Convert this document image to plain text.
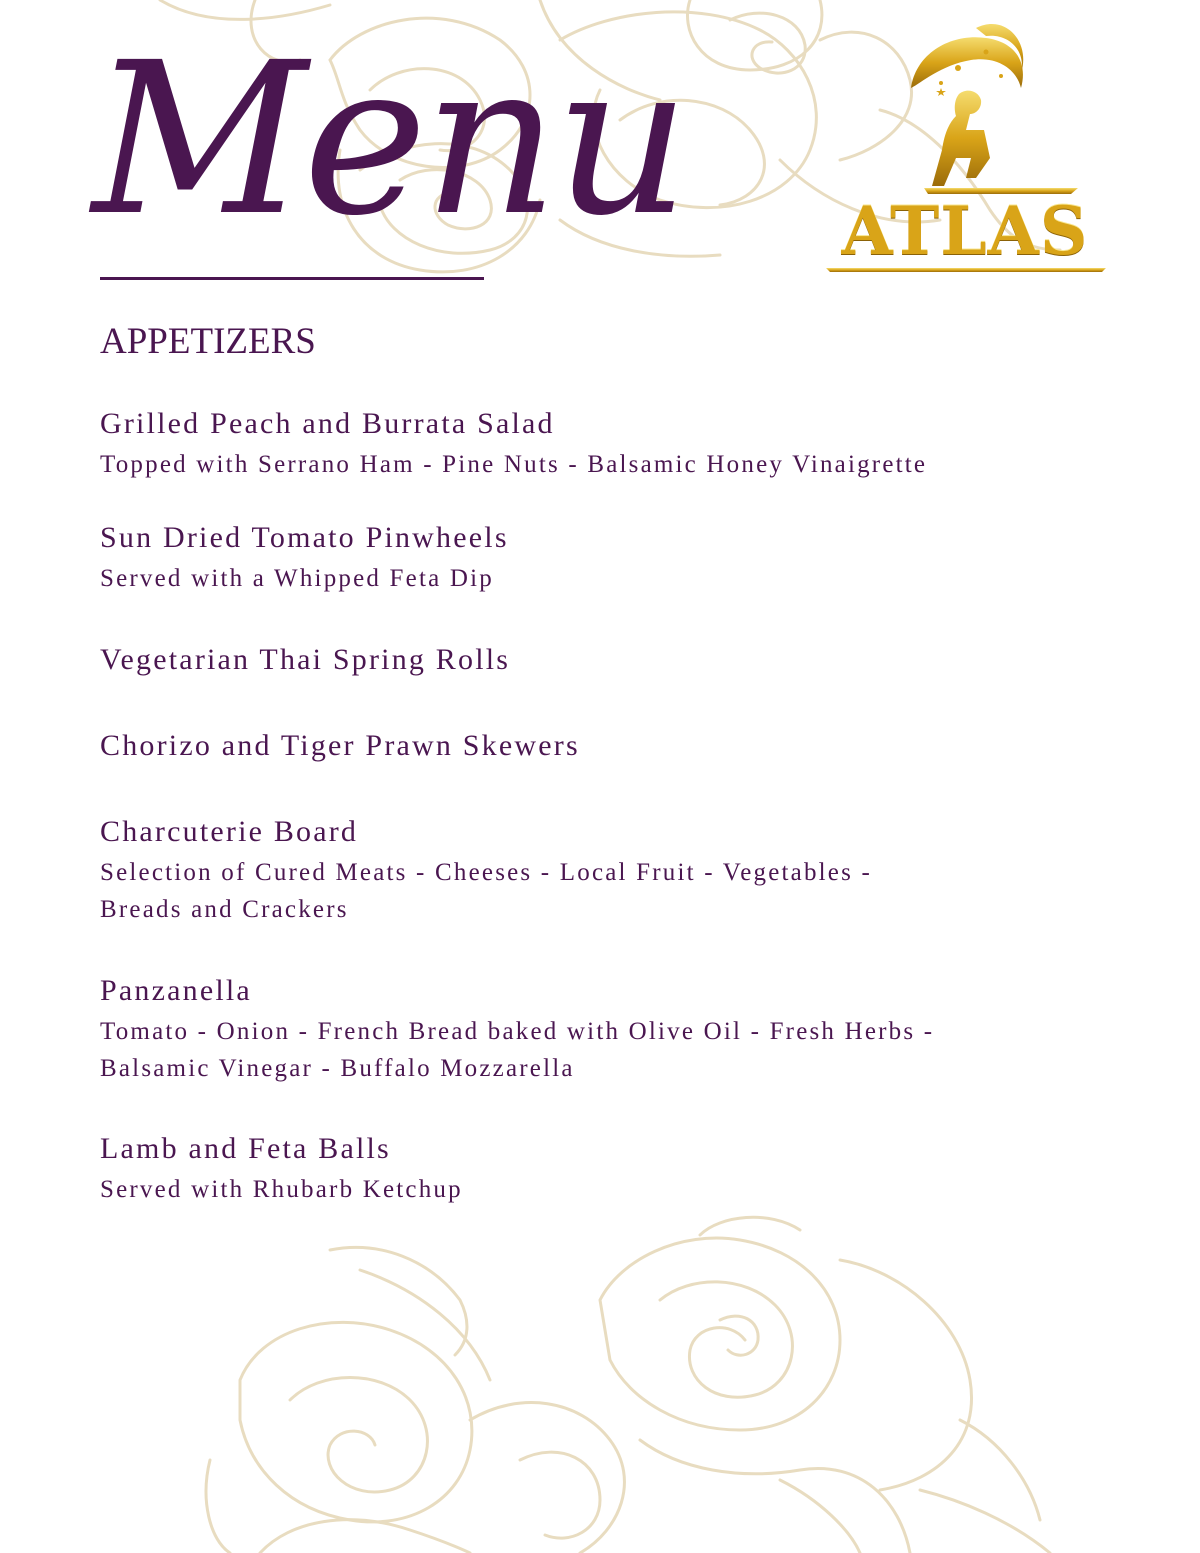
Menu ATLAS
APPETIZERS
Grilled Peach and Burrata Salad
Topped with Serrano Ham - Pine Nuts - Balsamic Honey Vinaigrette
Sun Dried Tomato Pinwheels
Served with a Whipped Feta Dip
Vegetarian Thai Spring Rolls
Chorizo and Tiger Prawn Skewers
Charcuterie Board
Selection of Cured Meats - Cheeses - Local Fruit - Vegetables -
Breads and Crackers
Panzanella
Tomato - Onion - French Bread baked with Olive Oil - Fresh Herbs -
Balsamic Vinegar - Buffalo Mozzarella
Lamb and Feta Balls
Served with Rhubarb Ketchup
